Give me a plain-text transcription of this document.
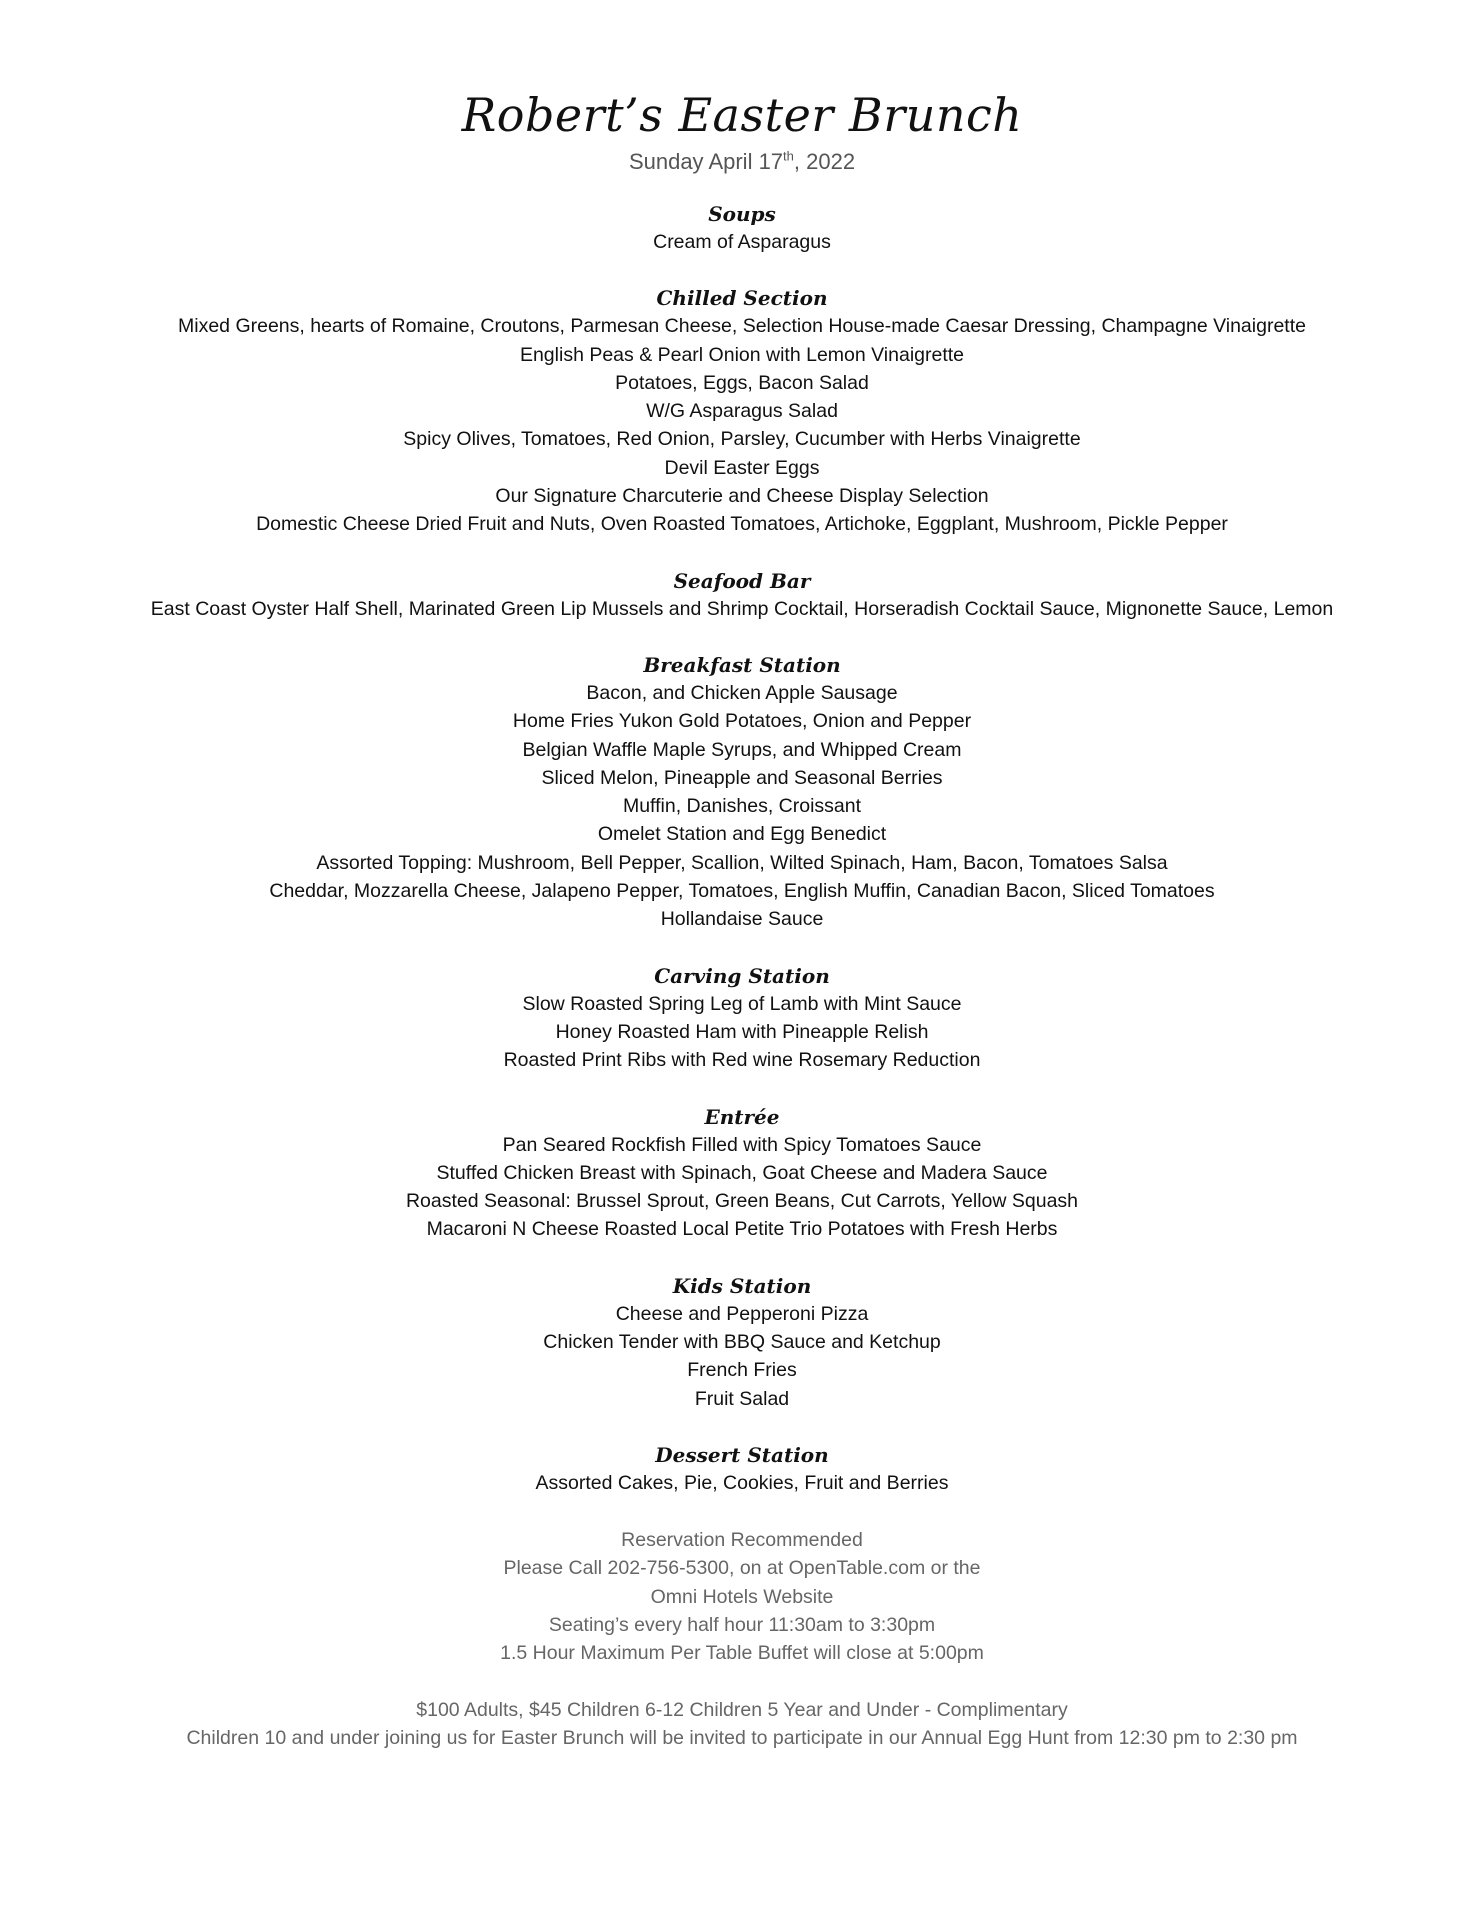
Robert’s Easter Brunch
Sunday April 17th, 2022
Soups
Cream of Asparagus
Chilled Section
Mixed Greens, hearts of Romaine, Croutons, Parmesan Cheese, Selection House-made Caesar Dressing, Champagne Vinaigrette
English Peas & Pearl Onion with Lemon Vinaigrette
Potatoes, Eggs, Bacon Salad
W/G Asparagus Salad
Spicy Olives, Tomatoes, Red Onion, Parsley, Cucumber with Herbs Vinaigrette
Devil Easter Eggs
Our Signature Charcuterie and Cheese Display Selection
Domestic Cheese Dried Fruit and Nuts, Oven Roasted Tomatoes, Artichoke, Eggplant, Mushroom, Pickle Pepper
Seafood Bar
East Coast Oyster Half Shell, Marinated Green Lip Mussels and Shrimp Cocktail, Horseradish Cocktail Sauce, Mignonette Sauce, Lemon
Breakfast Station
Bacon, and Chicken Apple Sausage
Home Fries Yukon Gold Potatoes, Onion and Pepper
Belgian Waffle Maple Syrups, and Whipped Cream
Sliced Melon, Pineapple and Seasonal Berries
Muffin, Danishes, Croissant
Omelet Station and Egg Benedict
Assorted Topping: Mushroom, Bell Pepper, Scallion, Wilted Spinach, Ham, Bacon, Tomatoes Salsa
Cheddar, Mozzarella Cheese, Jalapeno Pepper, Tomatoes, English Muffin, Canadian Bacon, Sliced Tomatoes
Hollandaise Sauce
Carving Station
Slow Roasted Spring Leg of Lamb with Mint Sauce
Honey Roasted Ham with Pineapple Relish
Roasted Print Ribs with Red wine Rosemary Reduction
Entrée
Pan Seared Rockfish Filled with Spicy Tomatoes Sauce
Stuffed Chicken Breast with Spinach, Goat Cheese and Madera Sauce
Roasted Seasonal: Brussel Sprout, Green Beans, Cut Carrots, Yellow Squash
Macaroni N Cheese Roasted Local Petite Trio Potatoes with Fresh Herbs
Kids Station
Cheese and Pepperoni Pizza
Chicken Tender with BBQ Sauce and Ketchup
French Fries
Fruit Salad
Dessert Station
Assorted Cakes, Pie, Cookies, Fruit and Berries
Reservation Recommended
Please Call 202-756-5300, on at OpenTable.com or the
Omni Hotels Website
Seating’s every half hour 11:30am to 3:30pm
1.5 Hour Maximum Per Table Buffet will close at 5:00pm
$100 Adults, $45 Children 6-12 Children 5 Year and Under - Complimentary
Children 10 and under joining us for Easter Brunch will be invited to participate in our Annual Egg Hunt from 12:30 pm to 2:30 pm
